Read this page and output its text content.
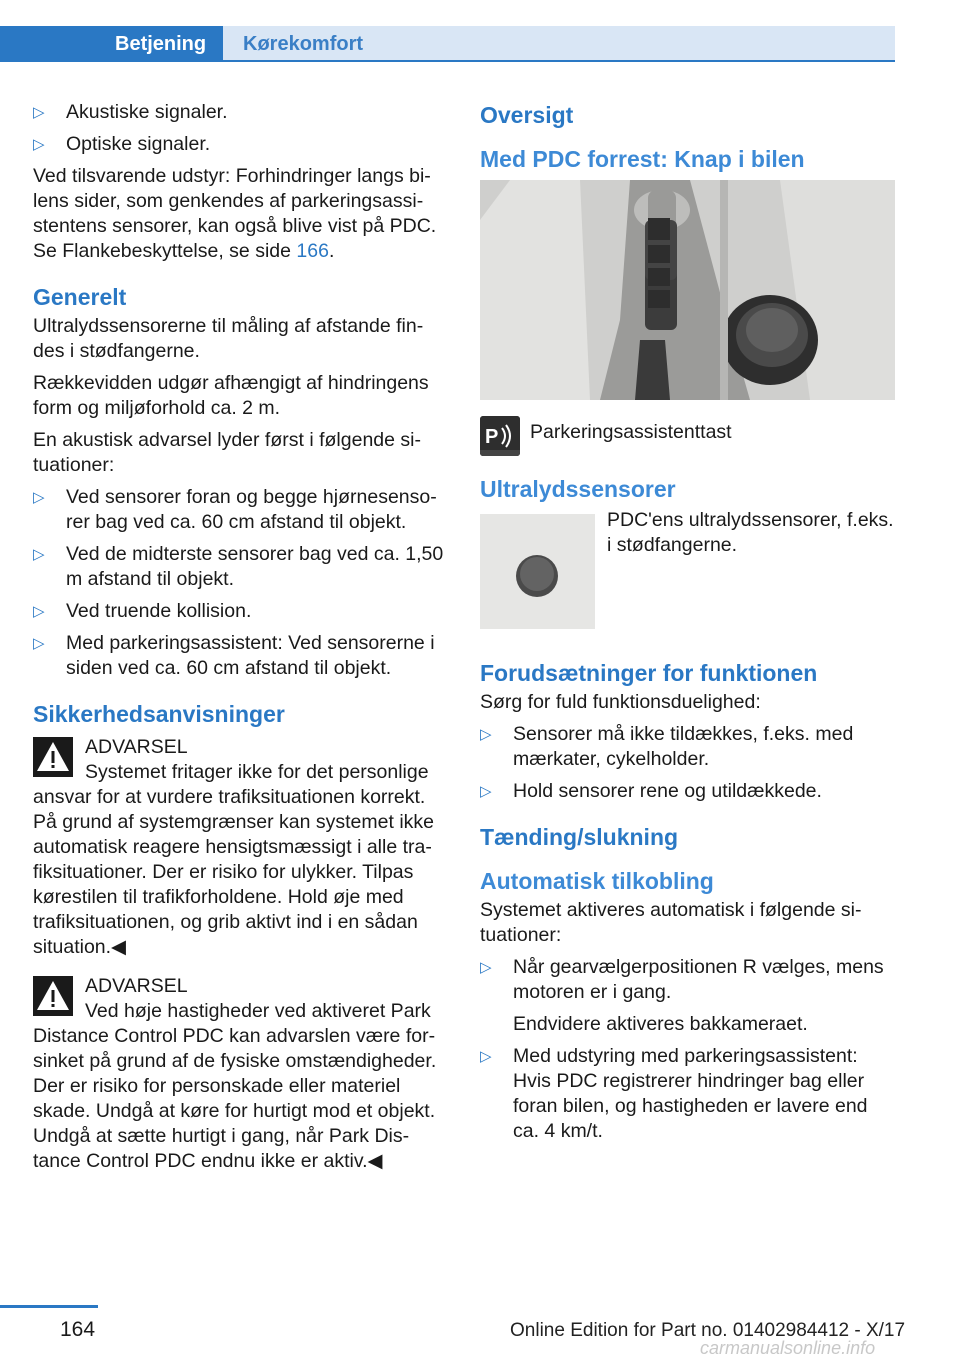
Betjening	Kørekomfort
▷ Akustiske signaler.
▷ Optiske signaler.

Ved tilsvarende udstyr: Forhindringer langs bilens sider, som genkendes af parkeringsassistentens sensorer, kan også blive vist på PDC. Se Flankebeskyttelse, se side 166.

Generelt

Ultralydssensorerne til måling af afstande findes i stødfangerne.

Rækkevidden udgør afhængigt af hindringens form og miljøforhold ca. 2 m.

En akustisk advarsel lyder først i følgende situationer:

▷ Ved sensorer foran og begge hjørnesensorer bag ved ca. 60 cm afstand til objekt.
▷ Ved de midterste sensorer bag ved ca. 1,50 m afstand til objekt.
▷ Ved truende kollision.
▷ Med parkeringsassistent: Ved sensorerne i siden ved ca. 60 cm afstand til objekt.
Sikkerhedsanvisninger
ADVARSEL
Systemet fritager ikke for det personlige
ansvar for at vurdere trafiksituationen korrekt. På grund af systemgrænser kan systemet ikke automatisk reagere hensigtsmæssigt i alle trafiksituationer. Der er risiko for ulykker. Tilpas kørestilen til trafikforholdene. Hold øje med trafiksituationen, og grib aktivt ind i en sådan situation.◀
ADVARSEL
Ved høje hastigheder ved aktiveret Park
Distance Control PDC kan advarslen være forsinket på grund af de fysiske omstændigheder. Der er risiko for personskade eller materiel skade. Undgå at køre for hurtigt mod et objekt. Undgå at sætte hurtigt i gang, når Park Distance Control PDC endnu ikke er aktiv.◀
Oversigt
Med PDC forrest: Knap i bilen
P Parkeringsassistenttast
Ultralydssensorer
PDC'ens ultralydssensorer, f.eks. i stødfangerne.
Forudsætninger for funktionen

Sørg for fuld funktionsduelighed:

▷ Sensorer må ikke tildækkes, f.eks. med mærkater, cykelholder.
▷ Hold sensorer rene og utildækkede.
Tænding/slukning
Automatisk tilkobling

Systemet aktiveres automatisk i følgende situationer:

▷ Når gearvælgerpositionen R vælges, mens motoren er i gang.
Endvidere aktiveres bakkameraet.
▷ Med udstyring med parkeringsassistent: Hvis PDC registrerer hindringer bag eller foran bilen, og hastigheden er lavere end ca. 4 km/t.
164	Online Edition for Part no. 01402984412 - X/17
carmanualsonline.info
